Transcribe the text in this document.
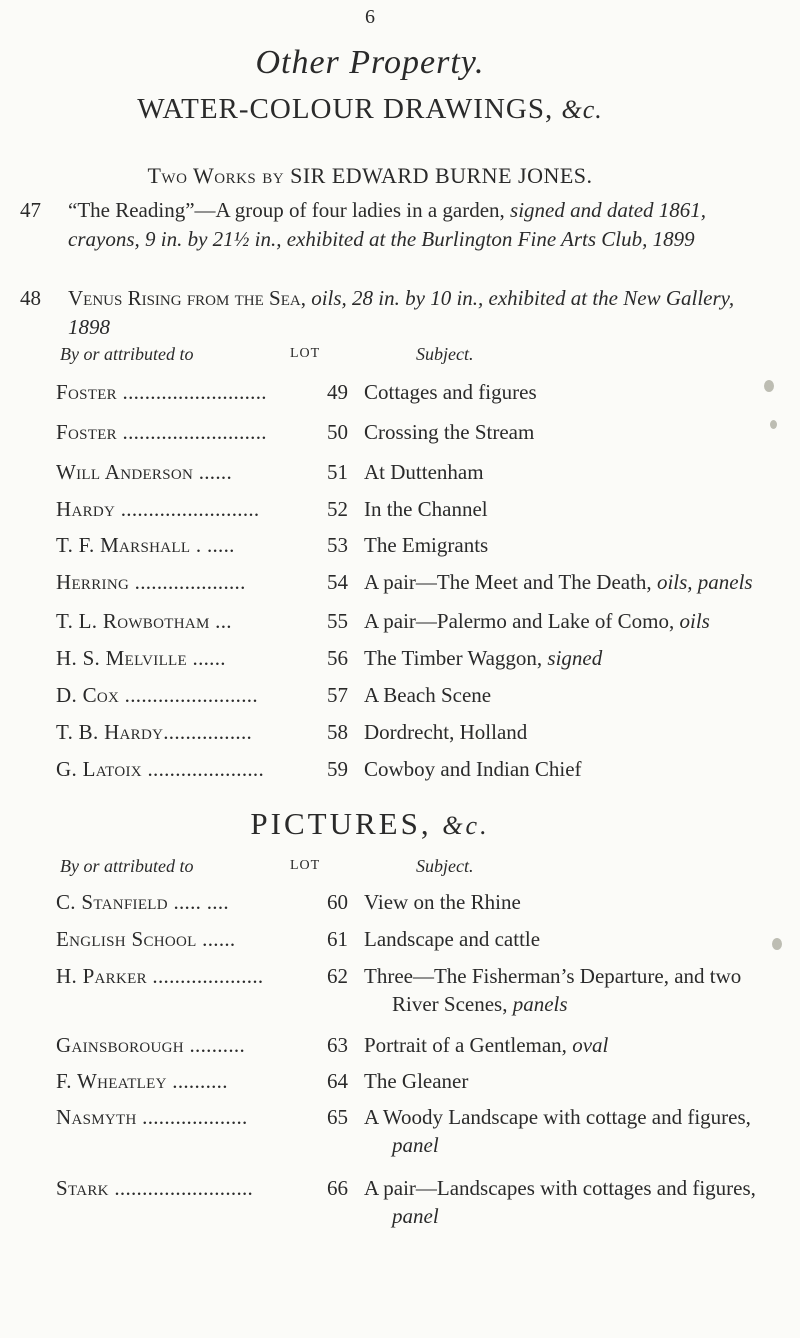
6
Other Property.
WATER-COLOUR DRAWINGS, &c.
Two Works by SIR EDWARD BURNE JONES.
47	“The Reading”—A group of four ladies in a garden, signed and dated 1861, crayons, 9 in. by 21½ in., exhibited at the Burlington Fine Arts Club, 1899
48	Venus Rising from the Sea, oils, 28 in. by 10 in., exhibited at the New Gallery, 1898
By or attributed to	LOT	Subject.
Foster ..........................	49 Cottages and figures
Foster ..........................	50 Crossing the Stream
Will Anderson ......	51 At Duttenham
Hardy .........................	52 In the Channel
T. F. Marshall . .....	53 The Emigrants
Herring ....................	54 A pair—The Meet and The Death, oils, panels
T. L. Rowbotham ...	55 A pair—Palermo and Lake of Como, oils
H. S. Melville ......	56 The Timber Waggon, signed
D. Cox ........................	57 A Beach Scene
T. B. Hardy................	58 Dordrecht, Holland
G. Latoix .....................	59 Cowboy and Indian Chief
PICTURES, &c.
By or attributed to	LOT	Subject.
C. Stanfield ..... ....	60 View on the Rhine
English School ......	61 Landscape and cattle
H. Parker ....................	62 Three—The Fisherman’s Departure, and two
River Scenes, panels
Gainsborough ..........	63 Portrait of a Gentleman, oval
F. Wheatley ..........	64 The Gleaner
Nasmyth ...................	65 A Woody Landscape with cottage and figures,
panel
Stark .........................	66 A pair—Landscapes with cottages and figures,
panel
